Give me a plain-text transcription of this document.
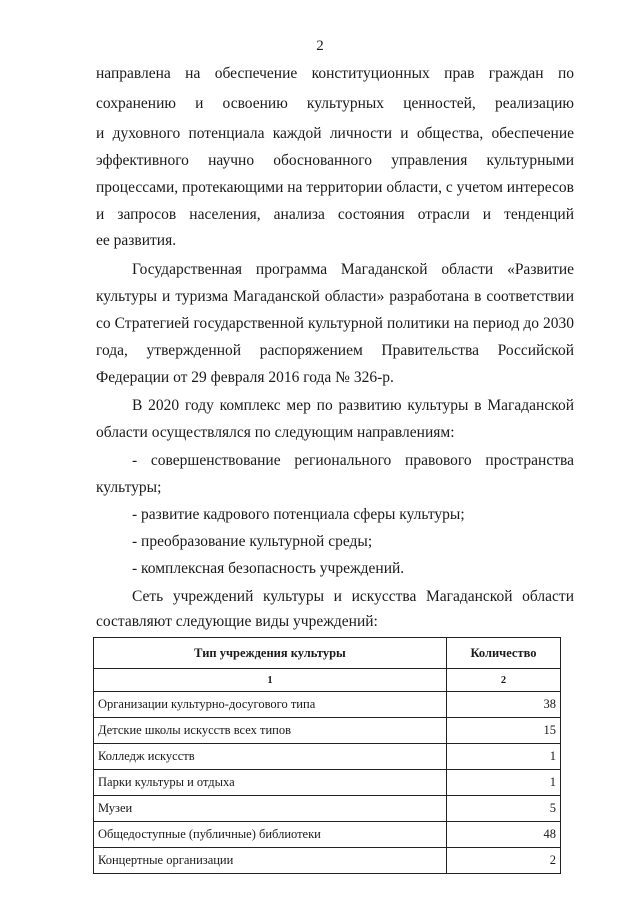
2
направлена на обеспечение конституционных прав граждан по
сохранению и освоению культурных ценностей, реализацию
и духовного потенциала каждой личности и общества, обеспечение
эффективного научно обоснованного управления культурными
процессами, протекающими на территории области, с учетом интересов
и запросов населения, анализа состояния отрасли и тенденций
ее развития.
Государственная программа Магаданской области «Развитие
культуры и туризма Магаданской области» разработана в соответствии
со Стратегией государственной культурной политики на период до 2030
года, утвержденной распоряжением Правительства Российской
Федерации от 29 февраля 2016 года № 326-р.
В 2020 году комплекс мер по развитию культуры в Магаданской
области осуществлялся по следующим направлениям:
- совершенствование регионального правового пространства
культуры;
- развитие кадрового потенциала сферы культуры;
- преобразование культурной среды;
- комплексная безопасность учреждений.
Сеть учреждений культуры и искусства Магаданской области
составляют следующие виды учреждений:
Тип учреждения культуры	Количество
1	2
Организации культурно-досугового типа	38
Детские школы искусств всех типов	15
Колледж искусств	1
Парки культуры и отдыха	1
Музеи	5
Общедоступные (публичные) библиотеки	48
Концертные организации	2
